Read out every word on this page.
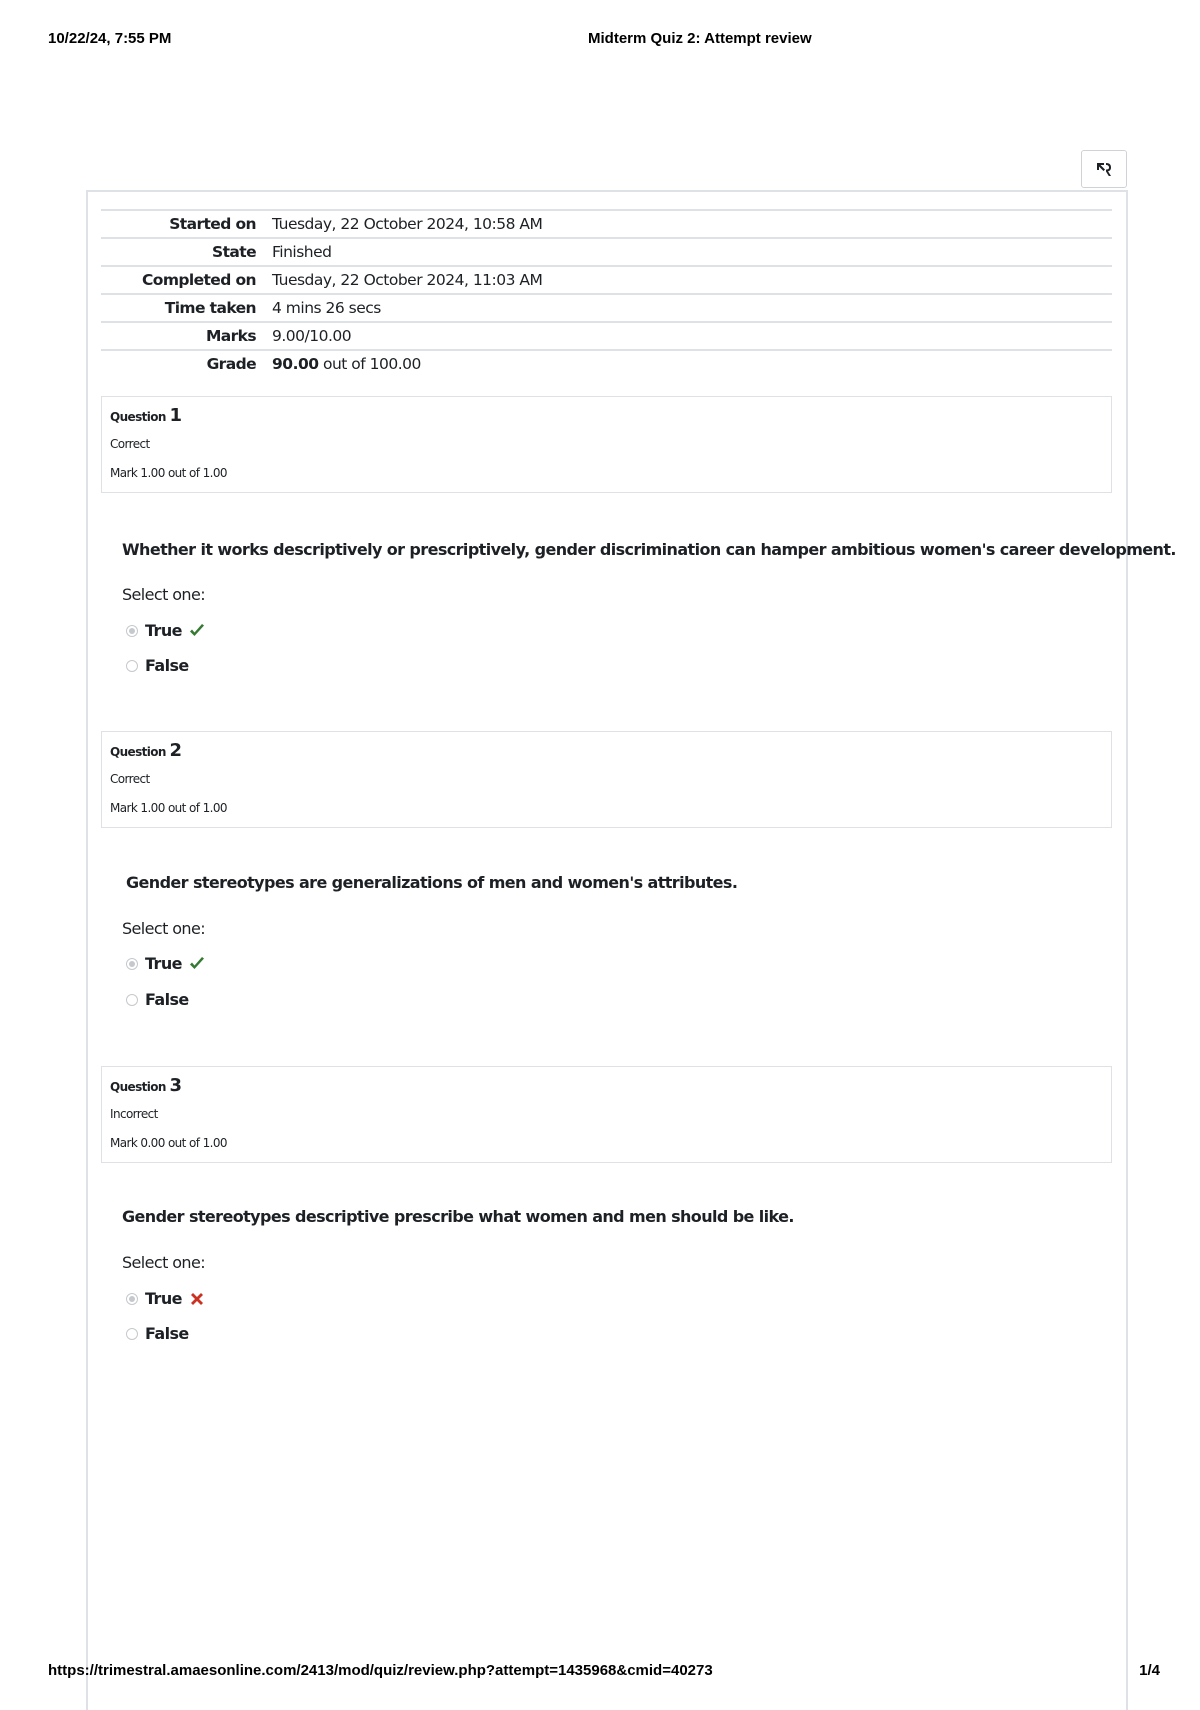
10/22/24, 7:55 PM	Midterm Quiz 2: Attempt review
Started on	Tuesday, 22 October 2024, 10:58 AM
State	Finished
Completed on	Tuesday, 22 October 2024, 11:03 AM
Time taken	4 mins 26 secs
Marks	9.00/10.00
Grade	90.00 out of 100.00
Question 1
Correct
Mark 1.00 out of 1.00
Whether it works descriptively or prescriptively, gender discrimination can hamper ambitious women's career development.
Select one:
True
False
Question 2
Correct
Mark 1.00 out of 1.00
Gender stereotypes are generalizations of men and women's attributes.
Select one:
True
False
Question 3
Incorrect
Mark 0.00 out of 1.00
Gender stereotypes descriptive prescribe what women and men should be like.
Select one:
True
False
https://trimestral.amaesonline.com/2413/mod/quiz/review.php?attempt=1435968&cmid=40273	1/4
